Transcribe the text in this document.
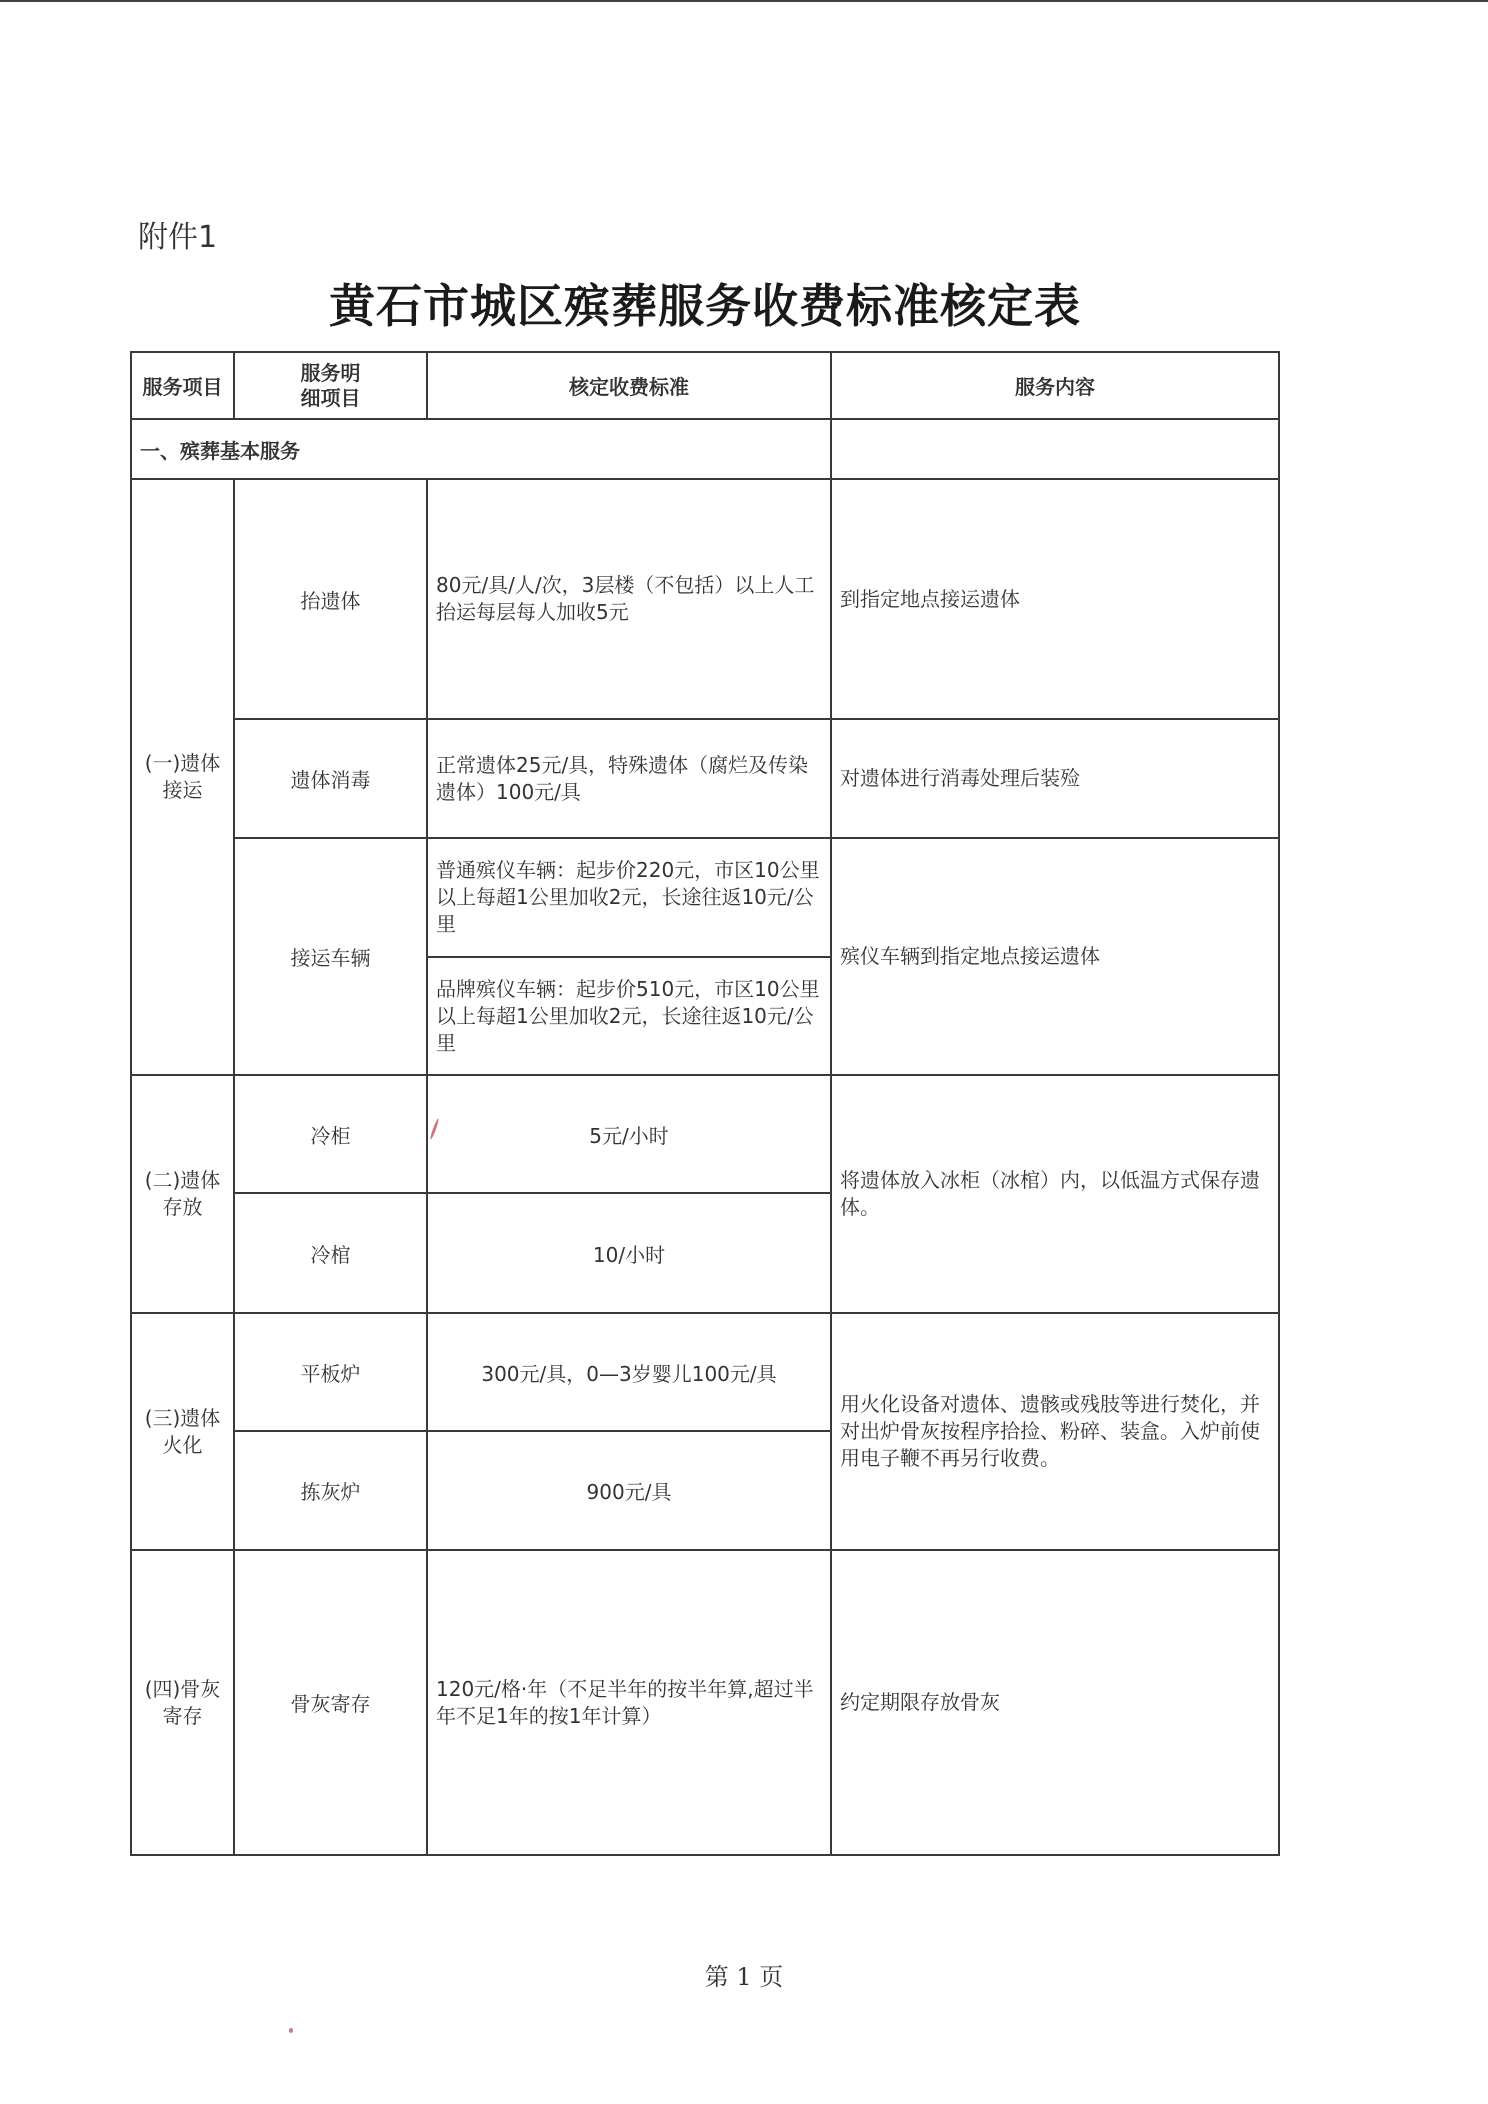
附件1
黄石市城区殡葬服务收费标准核定表
服务项目	服务明
细项目	核定收费标准	服务内容
一、殡葬基本服务			
(一)遗体
接运	抬遗体	80元/具/人/次，3层楼（不包括）以上人工抬运每层每人加收5元	到指定地点接运遗体
	遗体消毒	正常遗体25元/具，特殊遗体（腐烂及传染遗体）100元/具	对遗体进行消毒处理后装殓
	接运车辆	普通殡仪车辆：起步价220元，市区10公里以上每超1公里加收2元，长途往返10元/公里	殡仪车辆到指定地点接运遗体
		品牌殡仪车辆：起步价510元，市区10公里以上每超1公里加收2元，长途往返10元/公里	
(二)遗体
存放	冷柜	5元/小时	将遗体放入冰柜（冰棺）内，以低温方式保存遗体。
	冷棺	10/小时	
(三)遗体
火化	平板炉	300元/具，0—3岁婴儿100元/具	用火化设备对遗体、遗骸或残肢等进行焚化，并对出炉骨灰按程序拾捡、粉碎、装盒。入炉前使用电子鞭不再另行收费。
	拣灰炉	900元/具	
(四)骨灰
寄存	骨灰寄存	120元/格·年（不足半年的按半年算,超过半年不足1年的按1年计算）	约定期限存放骨灰
第 1 页
